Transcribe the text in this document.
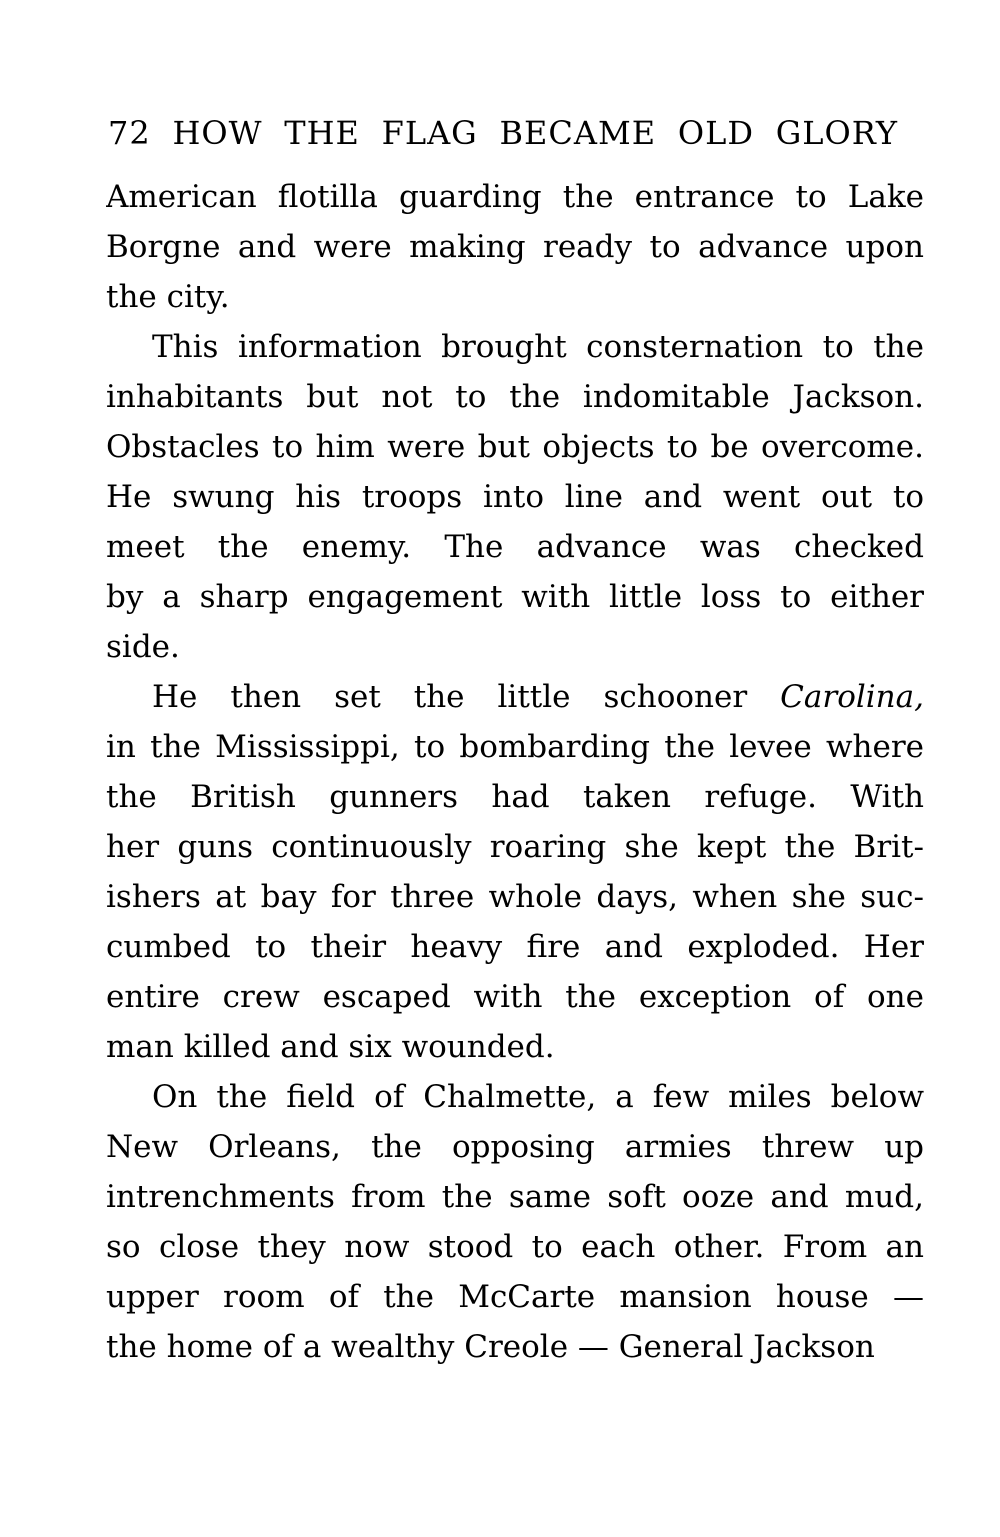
72 HOW THE FLAG BECAME OLD GLORY
American flotilla guarding the entrance to Lake
Borgne and were making ready to advance upon
the city.
This information brought consternation to the
inhabitants but not to the indomitable Jackson.
Obstacles to him were but objects to be overcome.
He swung his troops into line and went out to
meet the enemy. The advance was checked
by a sharp engagement with little loss to either
side.
He then set the little schooner Carolina,
in the Mississippi, to bombarding the levee where
the British gunners had taken refuge. With
her guns continuously roaring she kept the Brit-
ishers at bay for three whole days, when she suc-
cumbed to their heavy fire and exploded. Her
entire crew escaped with the exception of one
man killed and six wounded.
On the field of Chalmette, a few miles below
New Orleans, the opposing armies threw up
intrenchments from the same soft ooze and mud,
so close they now stood to each other. From an
upper room of the McCarte mansion house —
the home of a wealthy Creole — General Jackson
